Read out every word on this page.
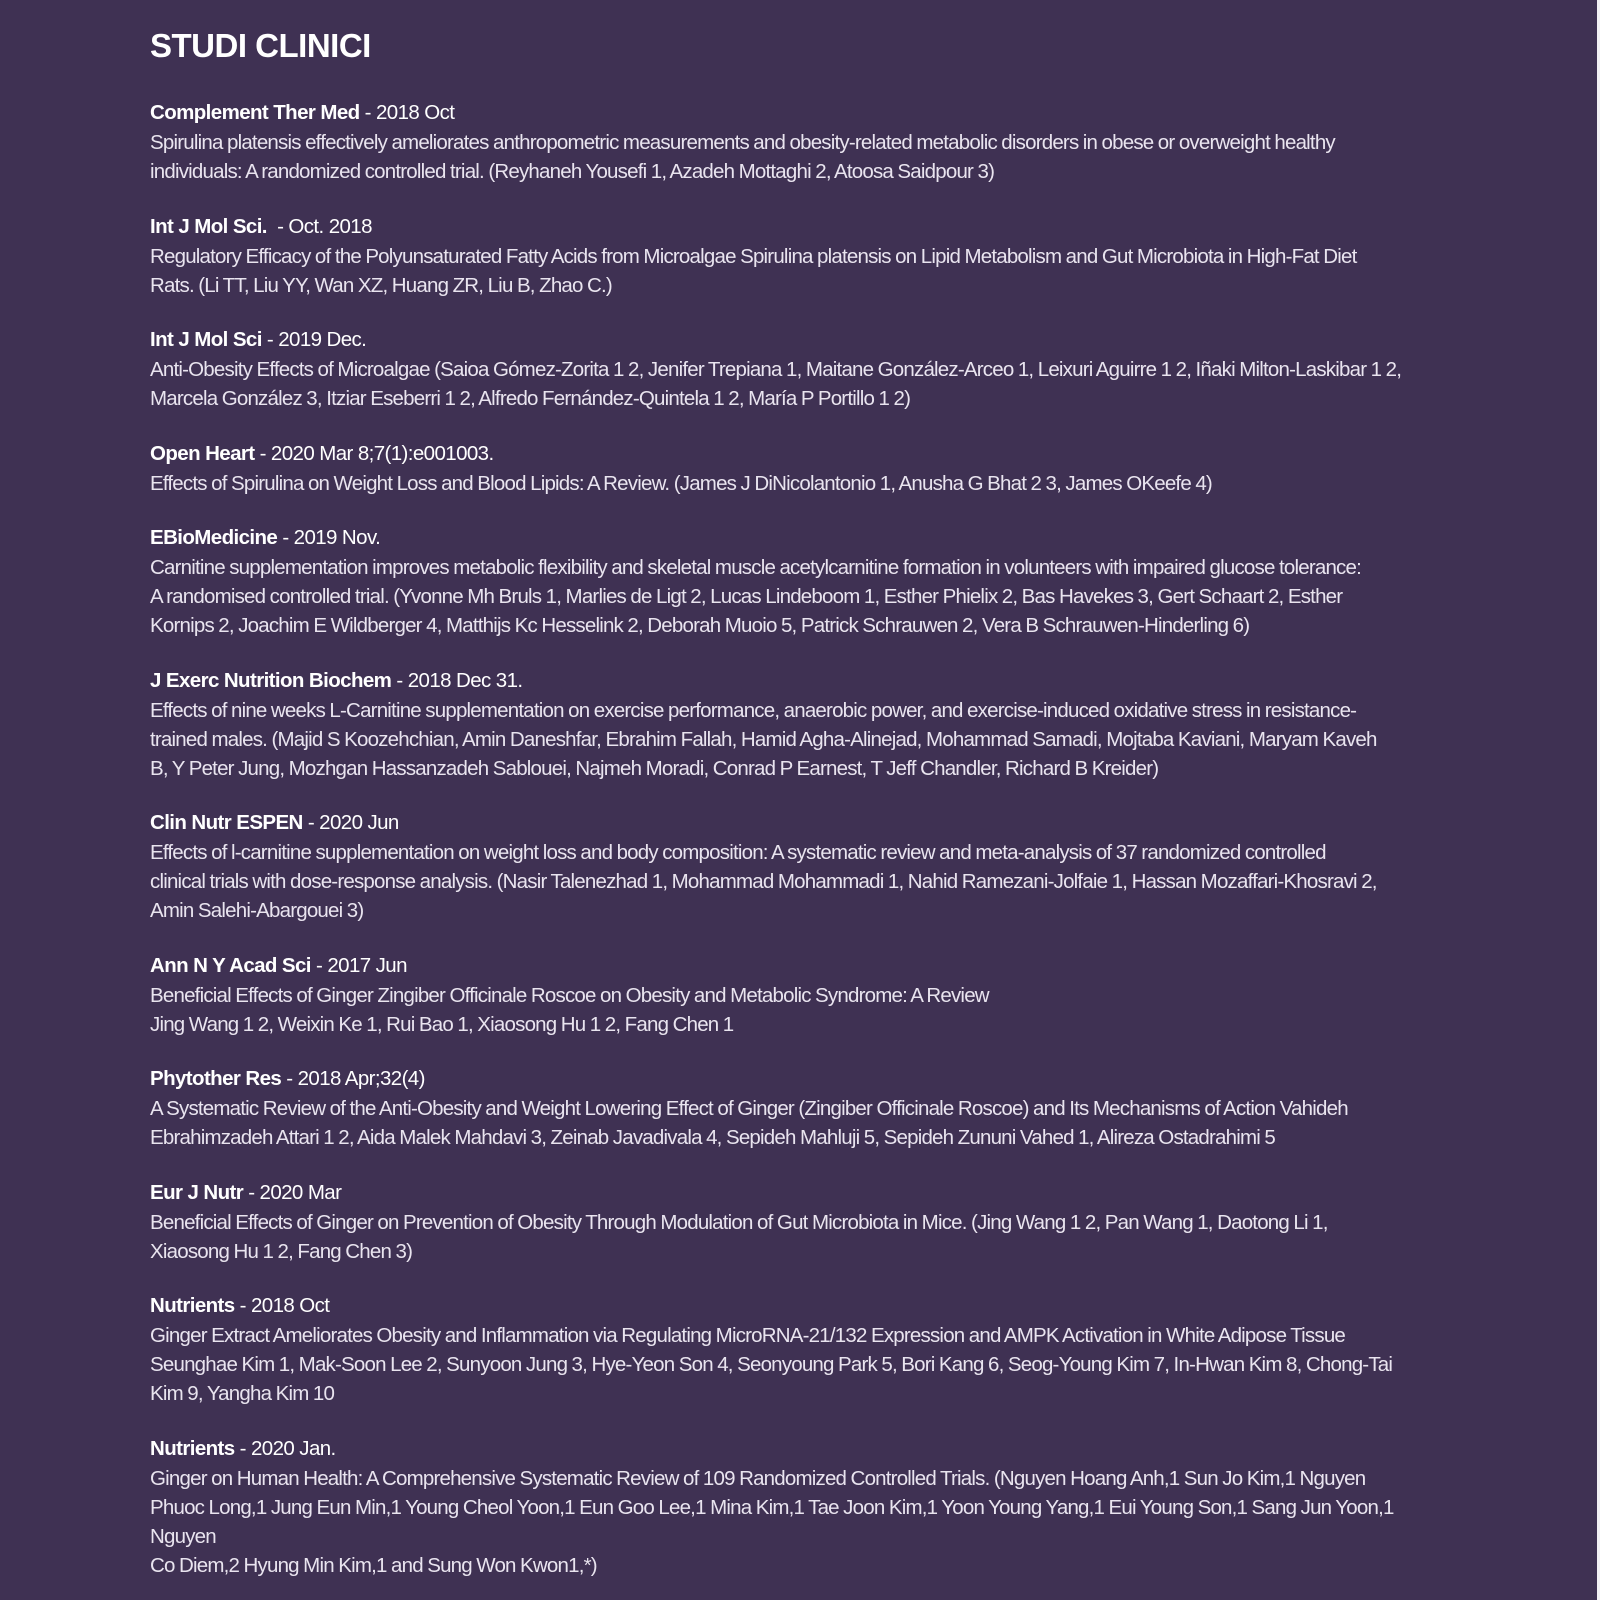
STUDI CLINICI
Complement Ther Med - 2018 Oct
Spirulina platensis effectively ameliorates anthropometric measurements and obesity-related metabolic disorders in obese or overweight healthy
individuals: A randomized controlled trial. (Reyhaneh Yousefi 1, Azadeh Mottaghi 2, Atoosa Saidpour 3)
Int J Mol Sci.  - Oct. 2018
Regulatory Efficacy of the Polyunsaturated Fatty Acids from Microalgae Spirulina platensis on Lipid Metabolism and Gut Microbiota in High-Fat Diet
Rats. (Li TT, Liu YY, Wan XZ, Huang ZR, Liu B, Zhao C.)
Int J Mol Sci - 2019 Dec.
Anti-Obesity Effects of Microalgae (Saioa Gómez-Zorita 1 2, Jenifer Trepiana 1, Maitane González-Arceo 1, Leixuri Aguirre 1 2, Iñaki Milton-Laskibar 1 2,
Marcela González 3, Itziar Eseberri 1 2, Alfredo Fernández-Quintela 1 2, María P Portillo 1 2)
Open Heart - 2020 Mar 8;7(1):e001003.
Effects of Spirulina on Weight Loss and Blood Lipids: A Review. (James J DiNicolantonio 1, Anusha G Bhat 2 3, James OKeefe 4)
EBioMedicine - 2019 Nov.
Carnitine supplementation improves metabolic flexibility and skeletal muscle acetylcarnitine formation in volunteers with impaired glucose tolerance:
A randomised controlled trial. (Yvonne Mh Bruls 1, Marlies de Ligt 2, Lucas Lindeboom 1, Esther Phielix 2, Bas Havekes 3, Gert Schaart 2, Esther
Kornips 2, Joachim E Wildberger 4, Matthijs Kc Hesselink 2, Deborah Muoio 5, Patrick Schrauwen 2, Vera B Schrauwen-Hinderling 6)
J Exerc Nutrition Biochem - 2018 Dec 31.
Effects of nine weeks L-Carnitine supplementation on exercise performance, anaerobic power, and exercise-induced oxidative stress in resistance-
trained males. (Majid S Koozehchian, Amin Daneshfar, Ebrahim Fallah, Hamid Agha-Alinejad, Mohammad Samadi, Mojtaba Kaviani, Maryam Kaveh
B, Y Peter Jung, Mozhgan Hassanzadeh Sablouei, Najmeh Moradi, Conrad P Earnest, T Jeff Chandler, Richard B Kreider)
Clin Nutr ESPEN - 2020 Jun
Effects of l-carnitine supplementation on weight loss and body composition: A systematic review and meta-analysis of 37 randomized controlled
clinical trials with dose-response analysis. (Nasir Talenezhad 1, Mohammad Mohammadi 1, Nahid Ramezani-Jolfaie 1, Hassan Mozaffari-Khosravi 2,
Amin Salehi-Abargouei 3)
Ann N Y Acad Sci - 2017 Jun
Beneficial Effects of Ginger Zingiber Officinale Roscoe on Obesity and Metabolic Syndrome: A Review
Jing Wang 1 2, Weixin Ke 1, Rui Bao 1, Xiaosong Hu 1 2, Fang Chen 1
Phytother Res - 2018 Apr;32(4)
A Systematic Review of the Anti-Obesity and Weight Lowering Effect of Ginger (Zingiber Officinale Roscoe) and Its Mechanisms of Action Vahideh
Ebrahimzadeh Attari 1 2, Aida Malek Mahdavi 3, Zeinab Javadivala 4, Sepideh Mahluji 5, Sepideh Zununi Vahed 1, Alireza Ostadrahimi 5
Eur J Nutr - 2020 Mar
Beneficial Effects of Ginger on Prevention of Obesity Through Modulation of Gut Microbiota in Mice. (Jing Wang 1 2, Pan Wang 1, Daotong Li 1,
Xiaosong Hu 1 2, Fang Chen 3)
Nutrients - 2018 Oct
Ginger Extract Ameliorates Obesity and Inflammation via Regulating MicroRNA-21/132 Expression and AMPK Activation in White Adipose Tissue
Seunghae Kim 1, Mak-Soon Lee 2, Sunyoon Jung 3, Hye-Yeon Son 4, Seonyoung Park 5, Bori Kang 6, Seog-Young Kim 7, In-Hwan Kim 8, Chong-Tai
Kim 9, Yangha Kim 10
Nutrients - 2020 Jan.
Ginger on Human Health: A Comprehensive Systematic Review of 109 Randomized Controlled Trials. (Nguyen Hoang Anh,1 Sun Jo Kim,1 Nguyen
Phuoc Long,1 Jung Eun Min,1 Young Cheol Yoon,1 Eun Goo Lee,1 Mina Kim,1 Tae Joon Kim,1 Yoon Young Yang,1 Eui Young Son,1 Sang Jun Yoon,1 Nguyen
Co Diem,2 Hyung Min Kim,1 and Sung Won Kwon1,*)
